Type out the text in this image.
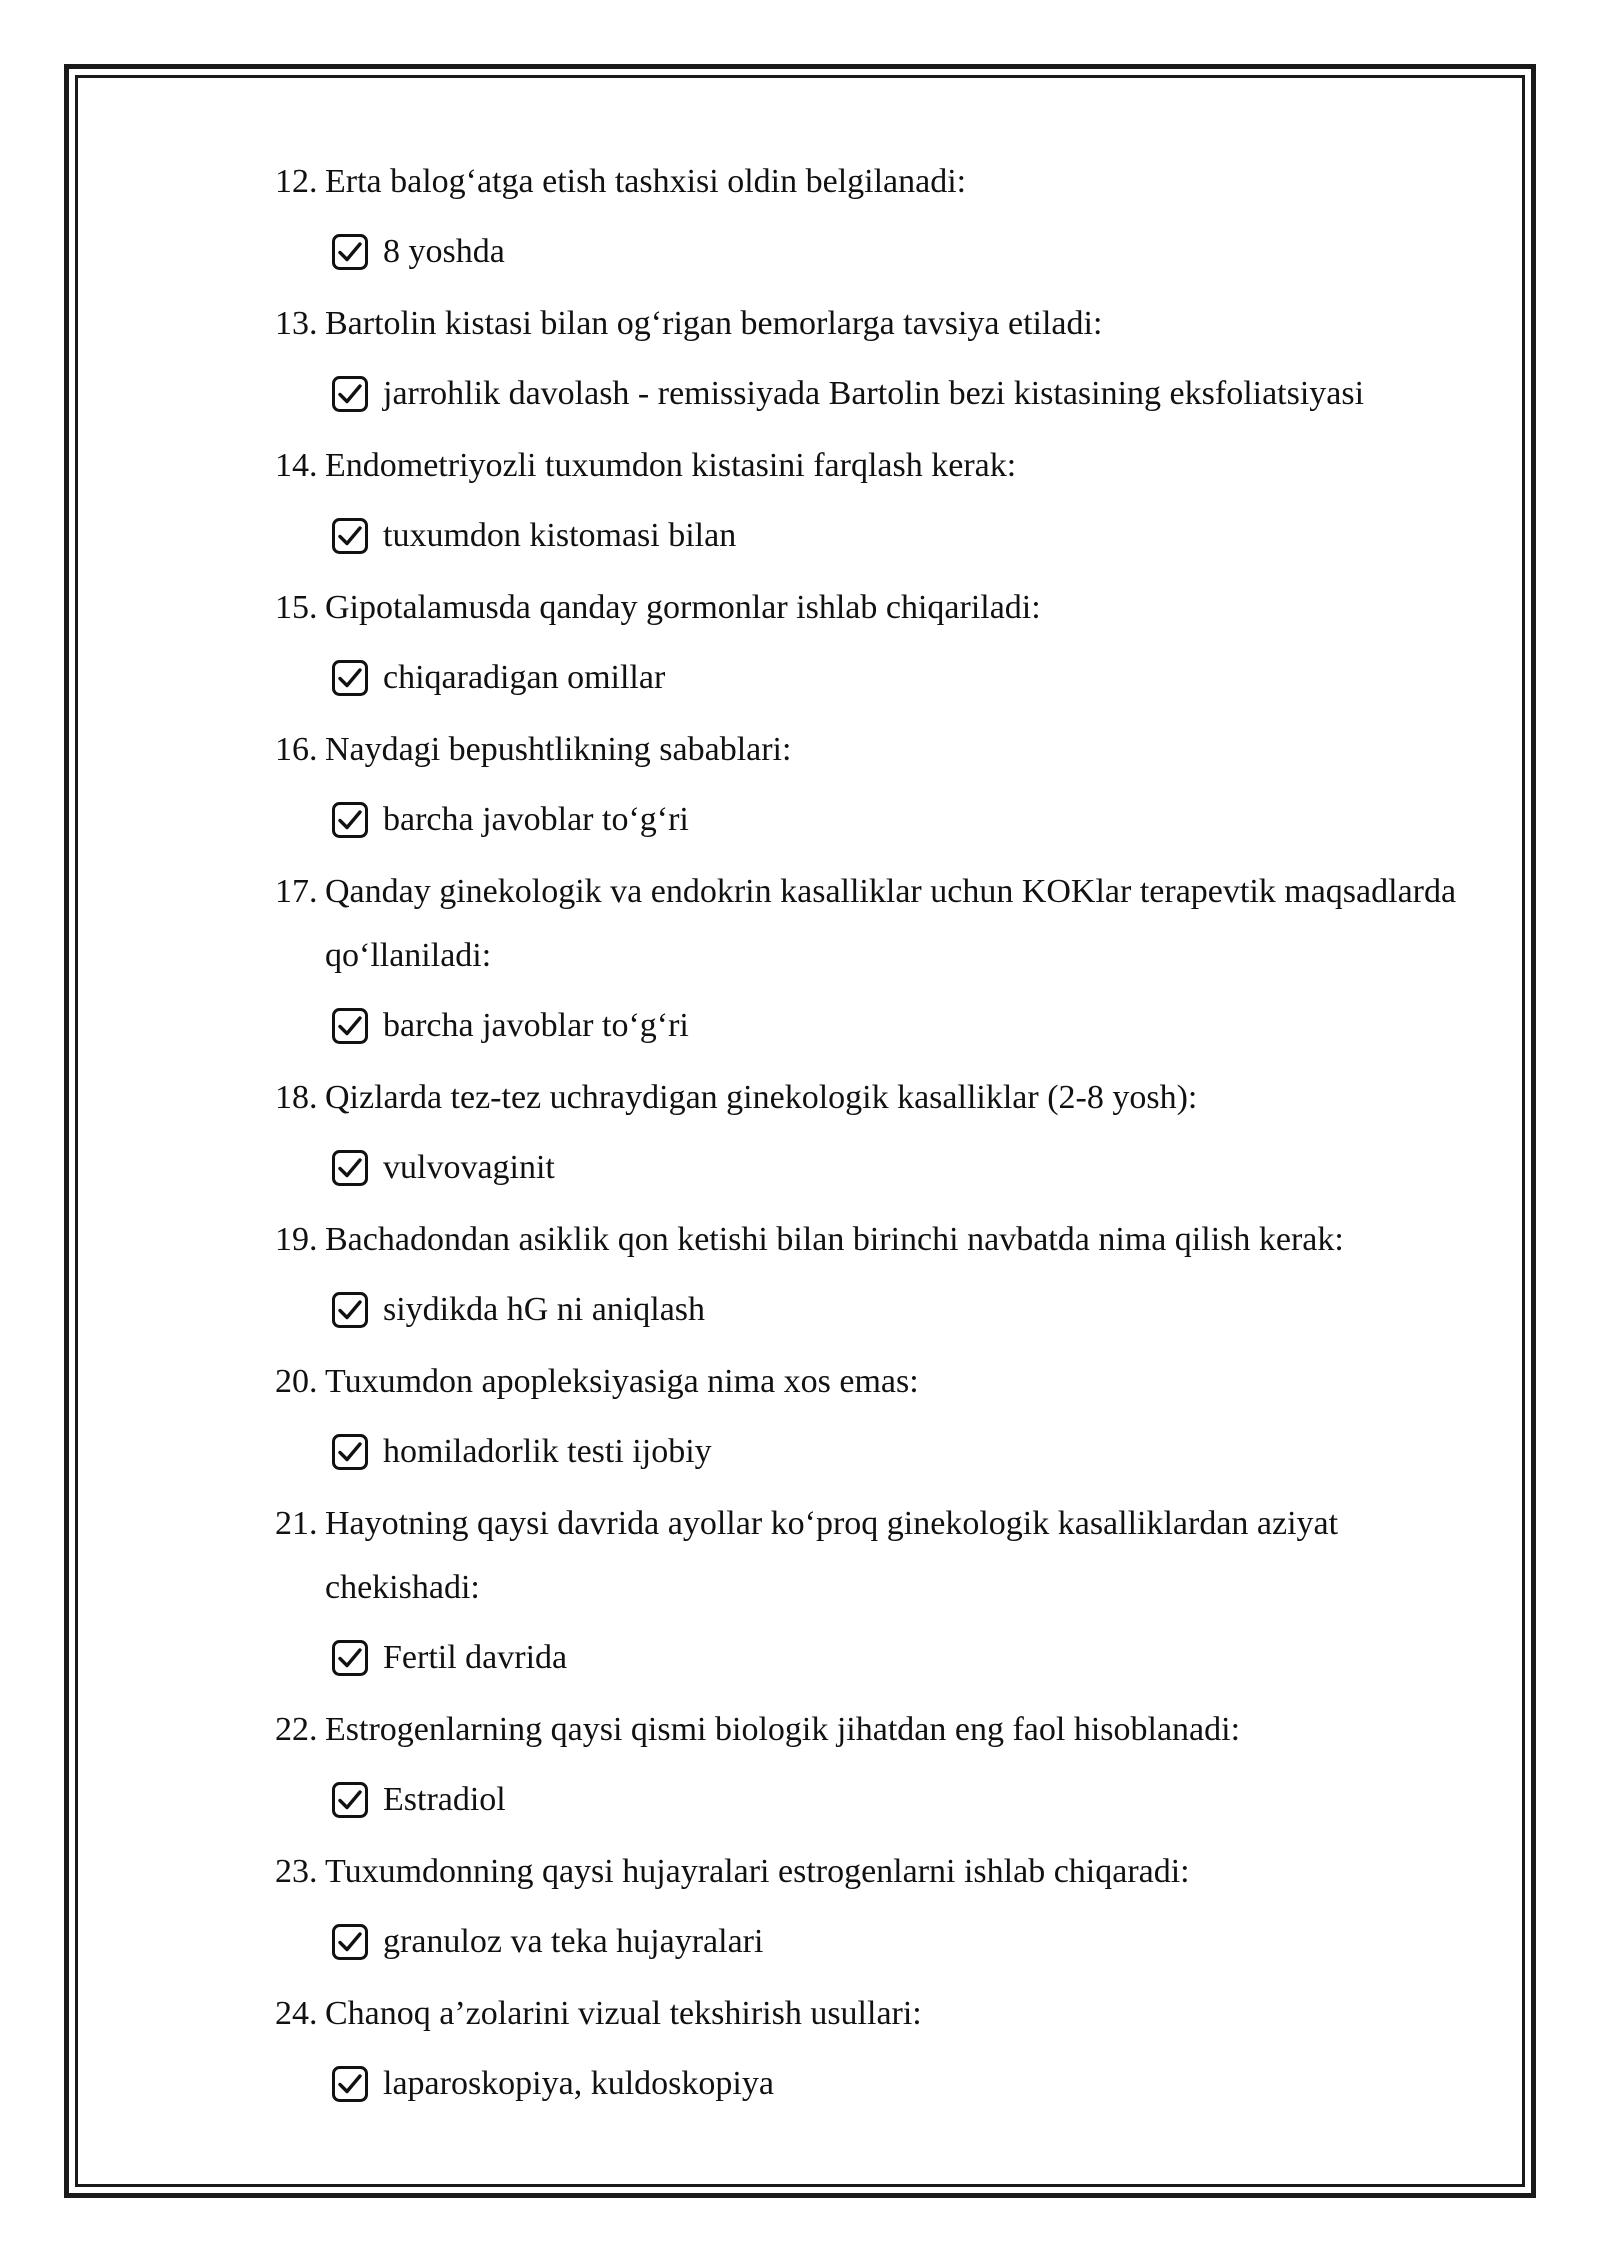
12. Erta balog‘atga etish tashxisi oldin belgilanadi:

8 yoshda

13. Bartolin kistasi bilan og‘rigan bemorlarga tavsiya etiladi:

jarrohlik davolash - remissiyada Bartolin bezi kistasining eksfoliatsiyasi

14. Endometriyozli tuxumdon kistasini farqlash kerak:

tuxumdon kistomasi bilan

15. Gipotalamusda qanday gormonlar ishlab chiqariladi:

chiqaradigan omillar

16. Naydagi bepushtlikning sabablari:

barcha javoblar to‘g‘ri

17. Qanday ginekologik va endokrin kasalliklar uchun KOKlar terapevtik maqsadlarda qo‘llaniladi:

barcha javoblar to‘g‘ri

18. Qizlarda tez-tez uchraydigan ginekologik kasalliklar (2-8 yosh):

vulvovaginit

19. Bachadondan asiklik qon ketishi bilan birinchi navbatda nima qilish kerak:

siydikda hG ni aniqlash

20. Tuxumdon apopleksiyasiga nima xos emas:

homiladorlik testi ijobiy

21. Hayotning qaysi davrida ayollar ko‘proq ginekologik kasalliklardan aziyat chekishadi:

Fertil davrida

22. Estrogenlarning qaysi qismi biologik jihatdan eng faol hisoblanadi:

Estradiol

23. Tuxumdonning qaysi hujayralari estrogenlarni ishlab chiqaradi:

granuloz va teka hujayralari

24. Chanoq a’zolarini vizual tekshirish usullari:

laparoskopiya, kuldoskopiya
